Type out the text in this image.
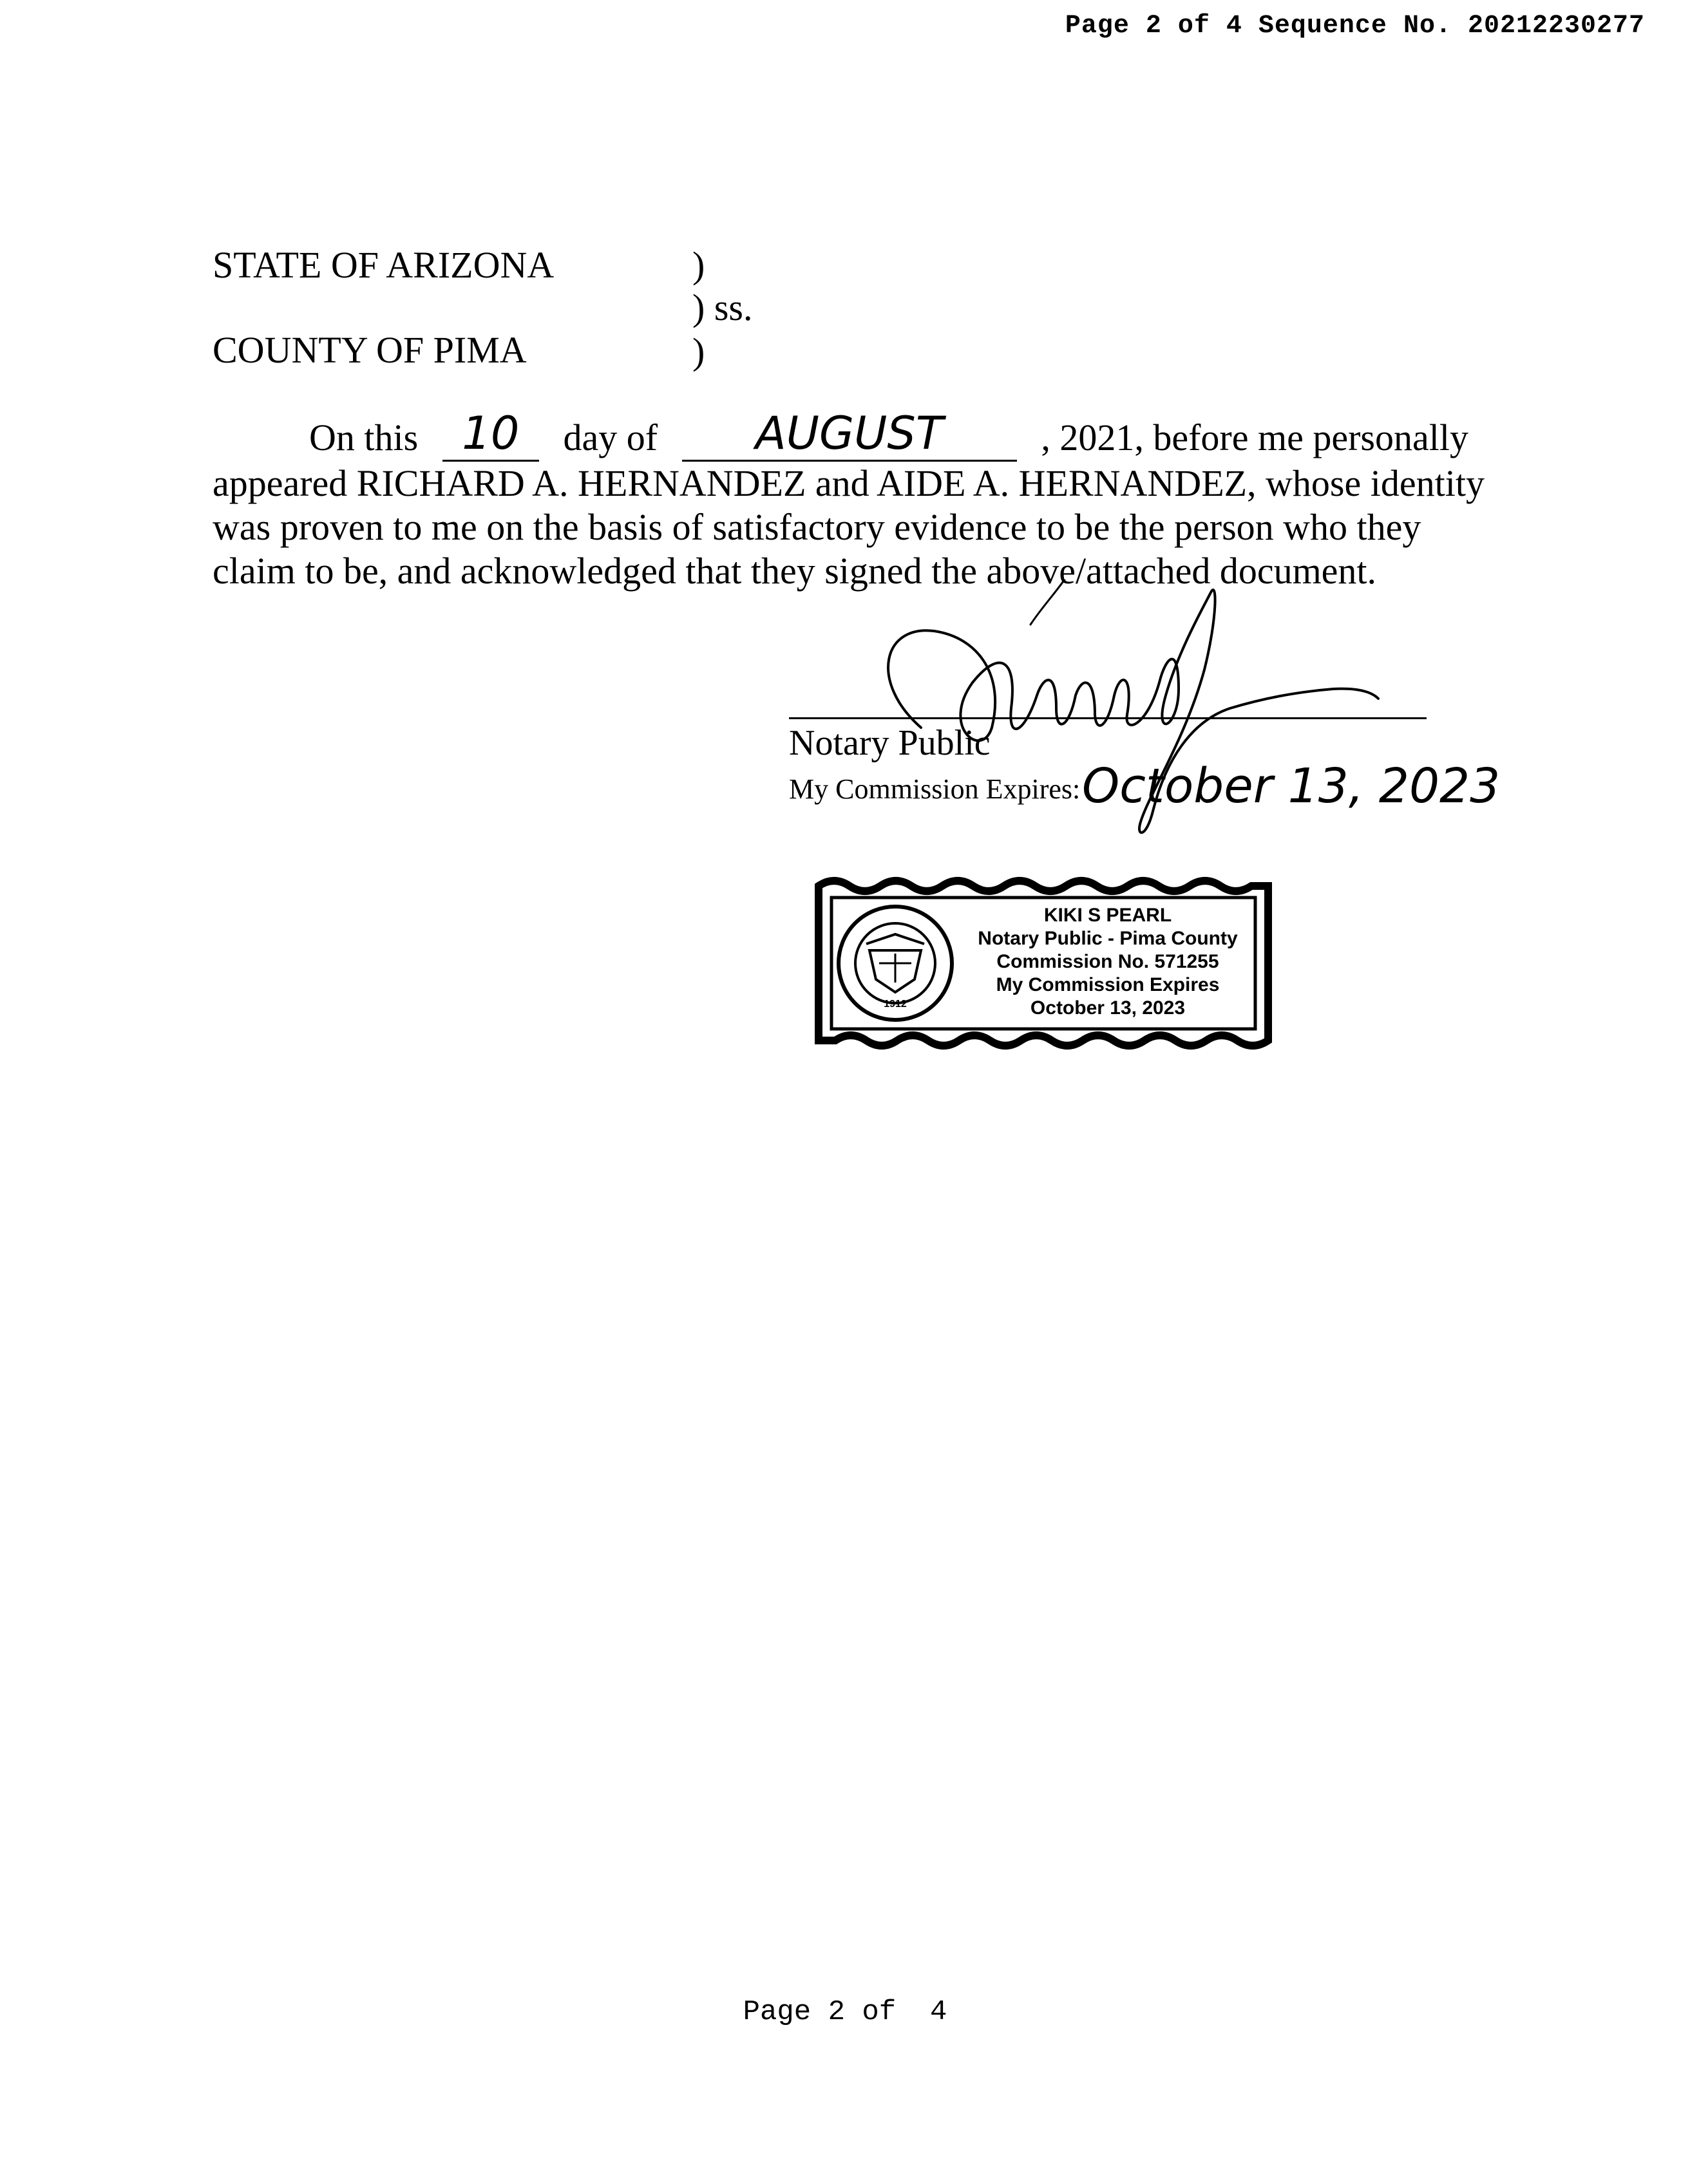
Page 2 of 4 Sequence No. 20212230277
STATE OF ARIZONA	)
) ss.
COUNTY OF PIMA	)
On this 10
	day of	AUGUST
	, 2021, before me personally
appeared RICHARD A. HERNANDEZ and AIDE A. HERNANDEZ, whose identity
was proven to me on the basis of satisfactory evidence to be the person who they
claim to be, and acknowledged that they signed the above/attached document.
Notary Public
My Commission Expires: October 13, 2023
1912
KIKI S PEARL
Notary Public - Pima County
Commission No. 571255
My Commission Expires
October 13, 2023
Page 2 of  4
